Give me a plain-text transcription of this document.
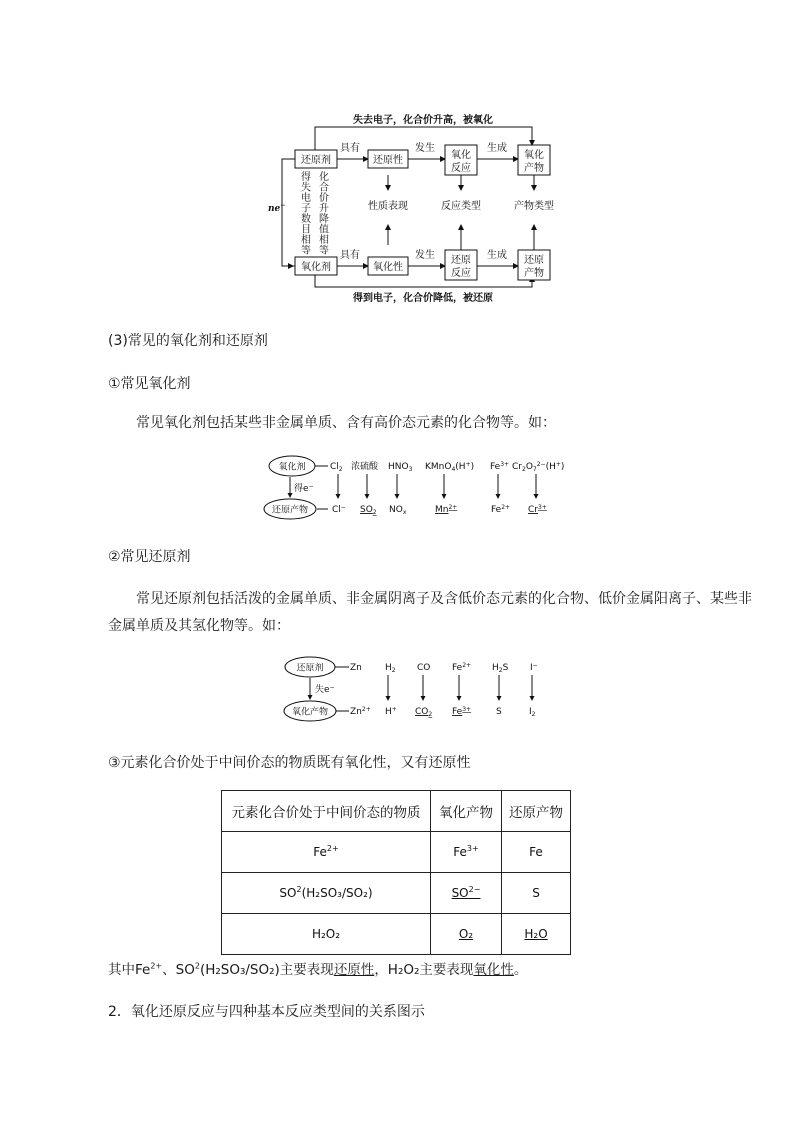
失去电子，化合价升高，被氧化
得到电子，化合价降低，被还原
还原剂
氧化剂
ne−
得失电子数目相等
化合价升降值相等
具有
还原性
性质表现
具有
氧化性
发生
发生
氧化
反应
反应类型
还原
反应
生成
生成
氧化
产物
产物类型
还原
产物
(3)常见的氧化剂和还原剂
①常见氧化剂
常见氧化剂包括某些非金属单质、含有高价态元素的化合物等。如：
氧化剂
还原产物
得e−
$Cl_2$ 浓硫酸 $HNO_3$ KMnO$_4$(H+) $Fe^{3+}$ $Cr_2O_7^{2-}(H^+)$
Cl− $SO_2$ $NO_x$	$Mn^{2+}$	$Fe^{2+}$ $Cr^{3+}$
②常见还原剂
常见还原剂包括活泼的金属单质、非金属阴离子及含低价态元素的化合物、低价金属阳离子、某些非
金属单质及其氢化物等。如：
还原剂
氧化产物
失e−
Zn	$H_2$ CO $Fe^{2+}$ $H_2S$ I−
$Zn^{2+}$ H+ $CO_2$ $Fe^{3+}$	S	$I_2$
③元素化合价处于中间价态的物质既有氧化性，又有还原性
元素化合价处于中间价态的物质	氧化产物	还原产物
$Fe^{2+}$	$Fe^{3+}$	Fe
$SO^2(H_2SO_3/SO_2)$	$SO^{2-}$	S
H₂O₂	O₂	H₂O
其中$Fe^{2+}$、$SO^2(H_2SO_3/SO_2)$主要表现还原性，H₂O₂主要表现氧化性。
2．氧化还原反应与四种基本反应类型间的关系图示
